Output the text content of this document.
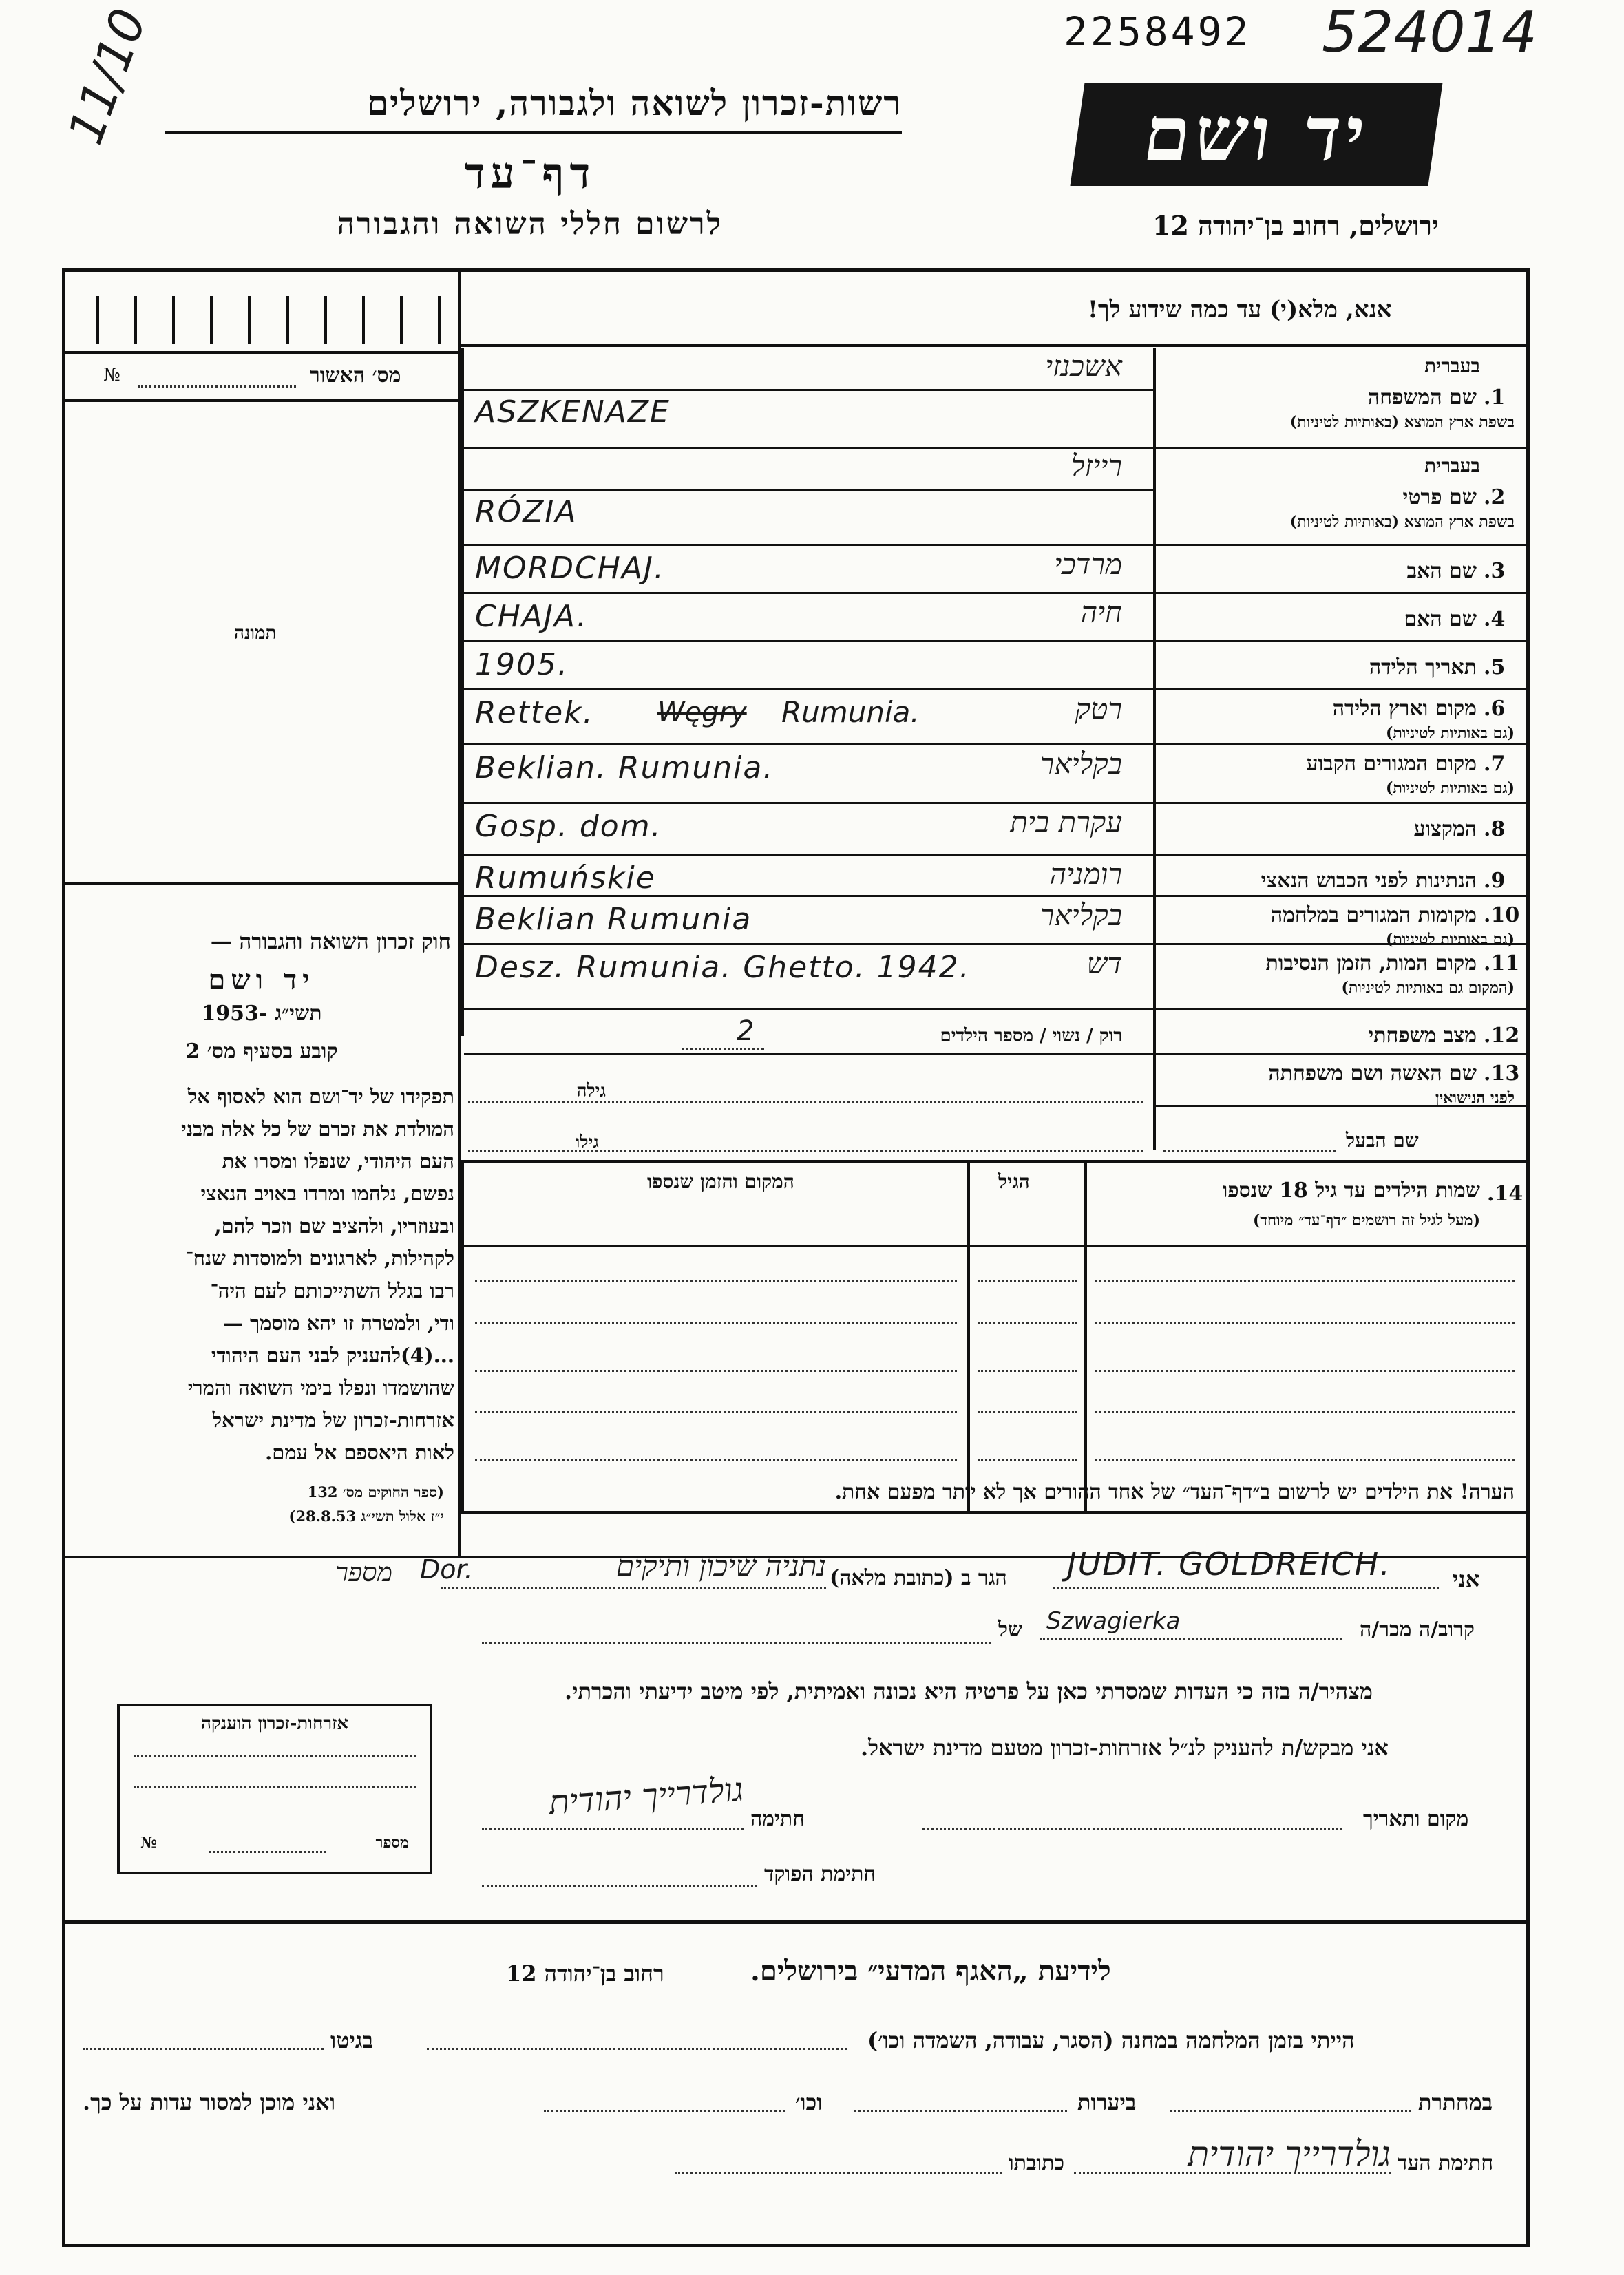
2258492 524014
11/10	רשות-זכרון לשואה ולגבורה, ירושלים
דף־עד
לרשום חללי השואה והגבורה
יד ושם
ירושלים, רחוב בן־יהודה 12
מס׳ האשור
№
תמונה
חוק זכרון השואה והגבורה —
יד ושם
תשי״ג -1953
קובע בסעיף מס׳ 2
תפקידו של יד־ושם הוא לאסוף אל
המולדת את זכרם של כל אלה מבני
העם היהודי, שנפלו ומסרו את
נפשם, נלחמו ומרדו באויב הנאצי
ובעוזריו, ולהציב שם וזכר להם,
לקהילות, לארגונים ולמוסדות שנח־
רבו בגלל השתייכותם לעם היה־
ודי, ולמטרה זו יהא מוסמך —
...(4)להעניק לבני העם היהודי
שהושמדו ונפלו בימי השואה והמרי
אזרחות-זכרון של מדינת ישראל
לאות היאספם אל עמם.
(ספר החוקים מס׳ 132
י״ז אלול תשי״ג 28.8.53)
אנא, מלא(י) עד כמה שידוע לך!
1.
שם המשפחה
בעברית
בשפת ארץ המוצא (באותיות לטיניות)
אשכנזי
ASZKENAZE
2.
שם פרטי
בעברית
בשפת ארץ המוצא (באותיות לטיניות)
רייזל
RÓZIA
3.
שם האב
מרדכי
MORDCHAJ.
4.
שם האם
חיה
CHAJA.
5.
תאריך הלידה
1905.
6.
מקום וארץ הלידה
(גם באותיות לטיניות)
רטק
Rettek. Węgry Rumunia.
7.
מקום המגורים הקבוע
(גם באותיות לטיניות)
בקליאר
Beklian. Rumunia.
8.
המקצוע
עקרת בית
Gosp. dom.
9.
הנתינות לפני הכבוש הנאצי
רומניה
Rumuńskie
10.
מקומות המגורים במלחמה
(גם באותיות לטיניות)
בקליאר
Beklian Rumunia
11.
מקום המות, הזמן הנסיבות
(המקום גם באותיות לטיניות)
דש
Desz. Rumunia. Ghetto. 1942.
12.
מצב משפחתי
13.
שם האשה ושם משפחתה
לפני הנישואין
רוק / נשוי / מספר הילדים
2
גילה
גילו	שם הבעל
14.
שמות הילדים עד גיל 18 שנספו
(מעל לגיל זה רושמים ״דף־עד״ מיוחד)
הגיל
המקום והזמן שנספו
הערה! את הילדים יש לרשום ב״דף־העד״ של אחד ההורים אך לא יותר מפעם אחת.
אני
JUDIT. GOLDREICH.
הגר ב (כתובת מלאה)
נתניה שיכון ותיקים
Dor.
מספר
קרוב/ה מכר/ה
של Szwagierka
מצהיר/ה בזה כי העדות שמסרתי כאן על פרטיה היא נכונה ואמיתית, לפי מיטב ידיעתי והכרתי.
אני מבקש/ת להעניק לנ״ל אזרחות-זכרון מטעם מדינת ישראל.
אזרחות-זכרון הוענקה
מספר
№
מקום ותאריך
חתימה
גולדרייך יהודית
חתימת הפוקד
לידיעת „האגף המדעי״ בירושלים.
רחוב בן־יהודה 12
הייתי בזמן המלחמה במחנה (הסגר, עבודה, השמדה וכו׳)
בגיטו
במחתרת
ביערות
וכו׳
ואני מוכן למסור עדות על כך.
חתימת העד
גולדרייך יהודית
כתובתו
